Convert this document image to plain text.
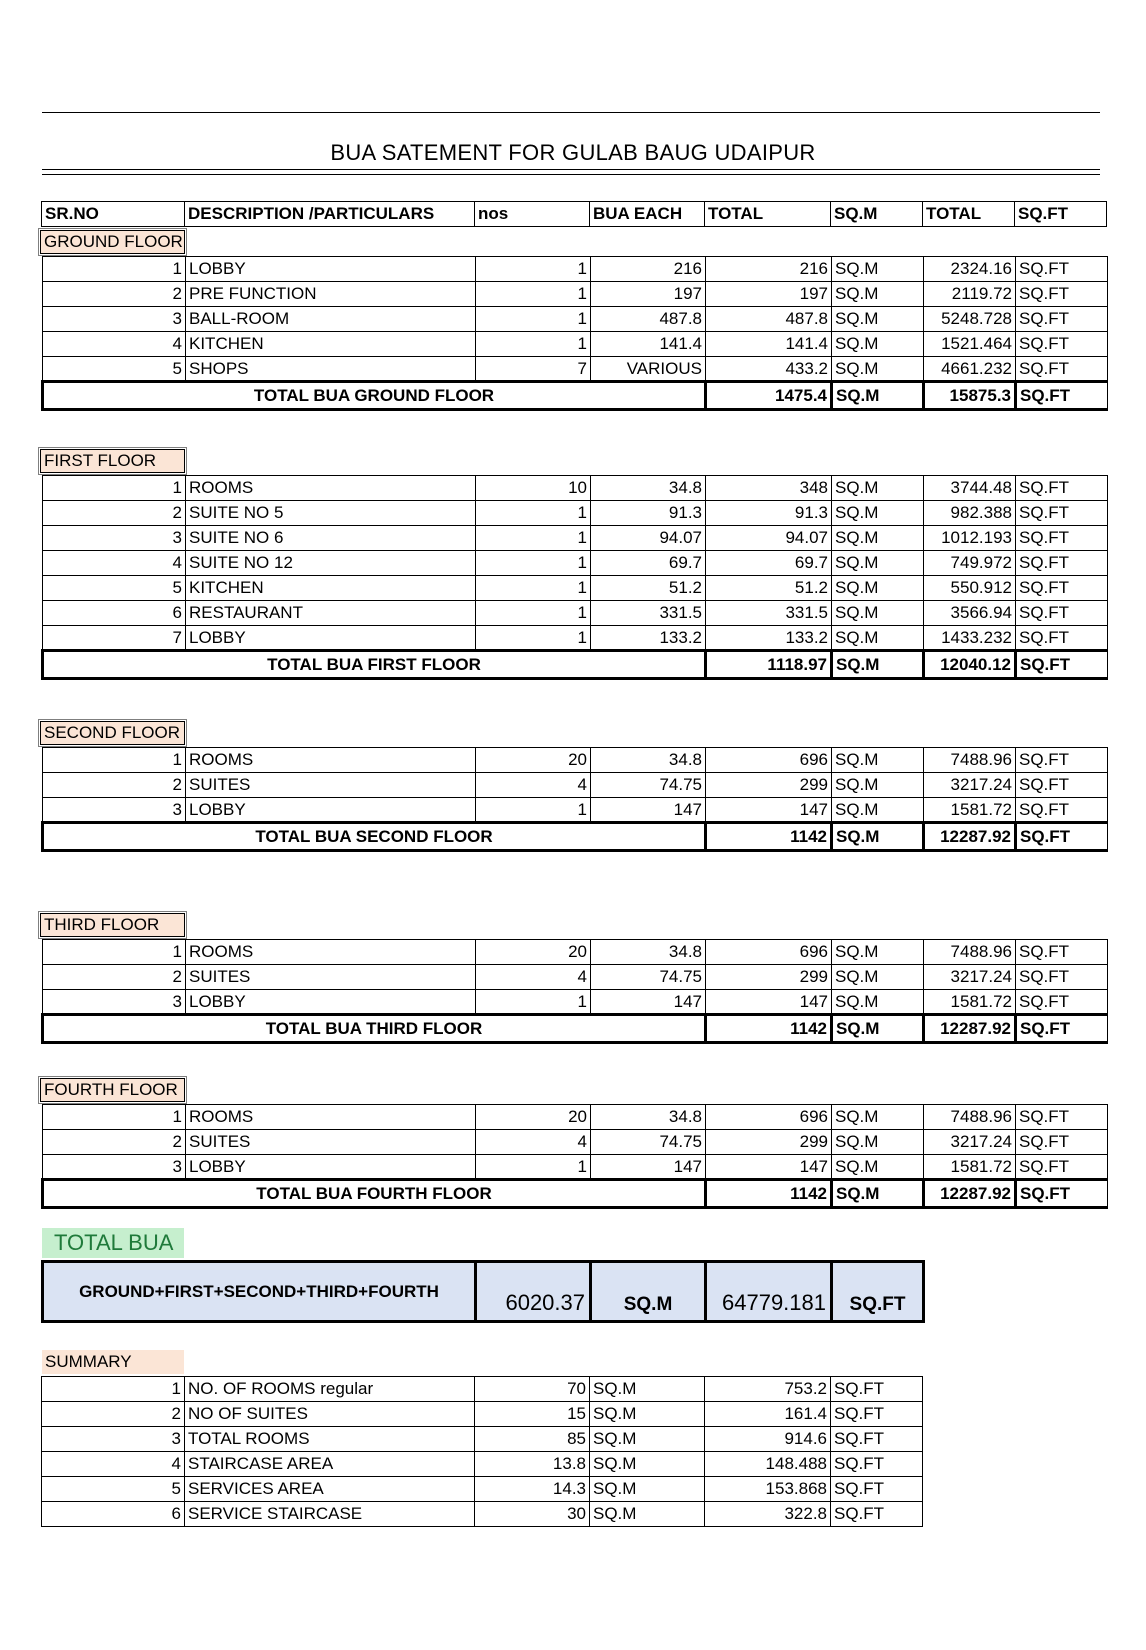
BUA SATEMENT FOR GULAB BAUG UDAIPUR
SR.NO	DESCRIPTION /PARTICULARS	nos	BUA EACH	TOTAL	SQ.M	TOTAL	SQ.FT
GROUND FLOOR
1	LOBBY	1	216	216	SQ.M	2324.16	SQ.FT
2	PRE FUNCTION	1	197	197	SQ.M	2119.72	SQ.FT
3	BALL-ROOM	1	487.8	487.8	SQ.M	5248.728	SQ.FT
4	KITCHEN	1	141.4	141.4	SQ.M	1521.464	SQ.FT
5	SHOPS	7	VARIOUS	433.2	SQ.M	4661.232	SQ.FT
TOTAL BUA GROUND FLOOR				1475.4	SQ.M	15875.3	SQ.FT
FIRST FLOOR
1	ROOMS	10	34.8	348	SQ.M	3744.48	SQ.FT
2	SUITE NO 5	1	91.3	91.3	SQ.M	982.388	SQ.FT
3	SUITE NO 6	1	94.07	94.07	SQ.M	1012.193	SQ.FT
4	SUITE NO 12	1	69.7	69.7	SQ.M	749.972	SQ.FT
5	KITCHEN	1	51.2	51.2	SQ.M	550.912	SQ.FT
6	RESTAURANT	1	331.5	331.5	SQ.M	3566.94	SQ.FT
7	LOBBY	1	133.2	133.2	SQ.M	1433.232	SQ.FT
TOTAL BUA FIRST FLOOR				1118.97	SQ.M	12040.12	SQ.FT
SECOND FLOOR
1	ROOMS	20	34.8	696	SQ.M	7488.96	SQ.FT
2	SUITES	4	74.75	299	SQ.M	3217.24	SQ.FT
3	LOBBY	1	147	147	SQ.M	1581.72	SQ.FT
TOTAL BUA SECOND FLOOR				1142	SQ.M	12287.92	SQ.FT
THIRD FLOOR
1	ROOMS	20	34.8	696	SQ.M	7488.96	SQ.FT
2	SUITES	4	74.75	299	SQ.M	3217.24	SQ.FT
3	LOBBY	1	147	147	SQ.M	1581.72	SQ.FT
TOTAL BUA THIRD FLOOR				1142	SQ.M	12287.92	SQ.FT
FOURTH FLOOR
1	ROOMS	20	34.8	696	SQ.M	7488.96	SQ.FT
2	SUITES	4	74.75	299	SQ.M	3217.24	SQ.FT
3	LOBBY	1	147	147	SQ.M	1581.72	SQ.FT
TOTAL BUA FOURTH FLOOR				1142	SQ.M	12287.92	SQ.FT
TOTAL BUA
GROUND+FIRST+SECOND+THIRD+FOURTH	6020.37	SQ.M	64779.181	SQ.FT
SUMMARY
1	NO. OF ROOMS regular	70	SQ.M	753.2	SQ.FT
2	NO OF SUITES	15	SQ.M	161.4	SQ.FT
3	TOTAL ROOMS	85	SQ.M	914.6	SQ.FT
4	STAIRCASE AREA	13.8	SQ.M	148.488	SQ.FT
5	SERVICES AREA	14.3	SQ.M	153.868	SQ.FT
6	SERVICE STAIRCASE	30	SQ.M	322.8	SQ.FT
